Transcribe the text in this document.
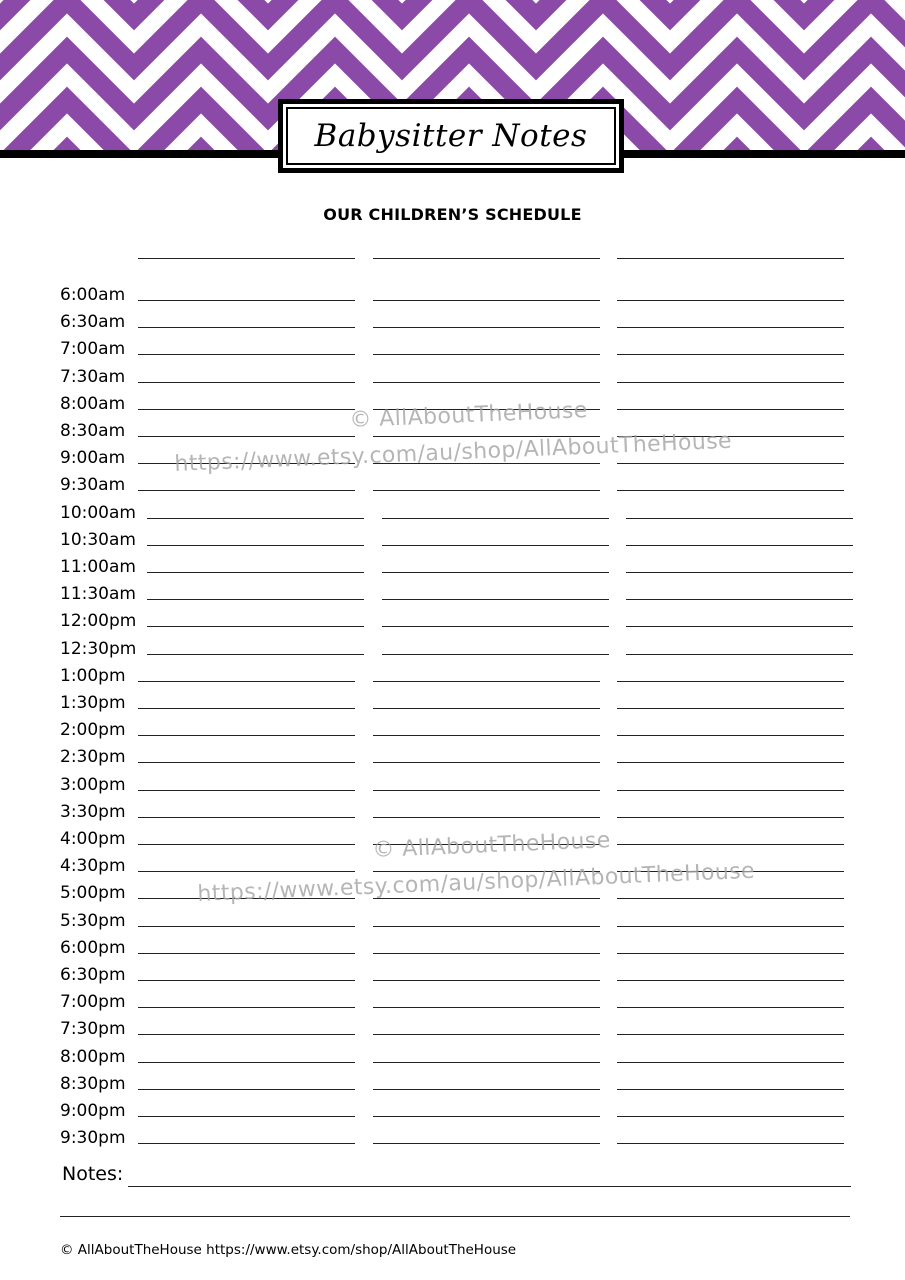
Babysitter Notes
OUR CHILDREN’S SCHEDULE
6:00am
6:30am
7:00am
7:30am
8:00am
8:30am
9:00am
9:30am
10:00am
10:30am
11:00am
11:30am
12:00pm
12:30pm
1:00pm
1:30pm
2:00pm
2:30pm
3:00pm
3:30pm
4:00pm
4:30pm
5:00pm
5:30pm
6:00pm
6:30pm
7:00pm
7:30pm
8:00pm
8:30pm
9:00pm
9:30pm
Notes:
© AllAboutTheHouse
https://www.etsy.com/au/shop/AllAboutTheHouse
© AllAboutTheHouse
https://www.etsy.com/au/shop/AllAboutTheHouse
© AllAboutTheHouse https://www.etsy.com/shop/AllAboutTheHouse
